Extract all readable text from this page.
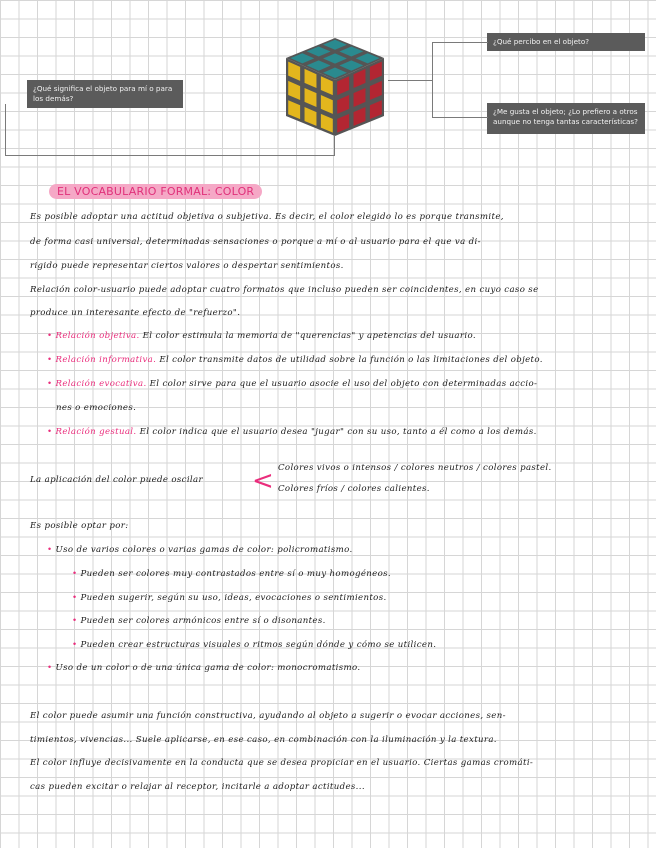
¿Qué significa el objeto para mí o para los demás?
¿Qué percibo en el objeto?
¿Me gusta el objeto; ¿Lo prefiero a otros aunque no tenga tantas características?
EL VOCABULARIO FORMAL: COLOR
Es posible adoptar una actitud objetiva o subjetiva. Es decir, el color elegido lo es porque transmite,
de forma casi universal, determinadas sensaciones o porque a mí o al usuario para el que va di-
rigido puede representar ciertos valores o despertar sentimientos.
Relación color-usuario puede adoptar cuatro formatos que incluso pueden ser coincidentes, en cuyo caso se
produce un interesante efecto de "refuerzo".
• Relación objetiva. El color estimula la memoria de "querencias" y apetencias del usuario.
• Relación informativa. El color transmite datos de utilidad sobre la función o las limitaciones del objeto.
• Relación evocativa. El color sirve para que el usuario asocie el uso del objeto con determinadas accio-
nes o emociones.
• Relación gestual. El color indica que el usuario desea "jugar" con su uso, tanto a él como a los demás.
La aplicación del color puede oscilar < Colores vivos o intensos / colores neutros / colores pastel.
Colores fríos / colores calientes.
Es posible optar por:
• Uso de varios colores o varias gamas de color: policromatismo.
• Pueden ser colores muy contrastados entre sí o muy homogéneos.
• Pueden sugerir, según su uso, ideas, evocaciones o sentimientos.
• Pueden ser colores armónicos entre sí o disonantes.
• Pueden crear estructuras visuales o ritmos según dónde y cómo se utilicen.
• Uso de un color o de una única gama de color: monocromatismo.
El color puede asumir una función constructiva, ayudando al objeto a sugerir o evocar acciones, sen-
timientos, vivencias... Suele aplicarse, en ese caso, en combinación con la iluminación y la textura.
El color influye decisivamente en la conducta que se desea propiciar en el usuario. Ciertas gamas cromáti-
cas pueden excitar o relajar al receptor, incitarle a adoptar actitudes...
